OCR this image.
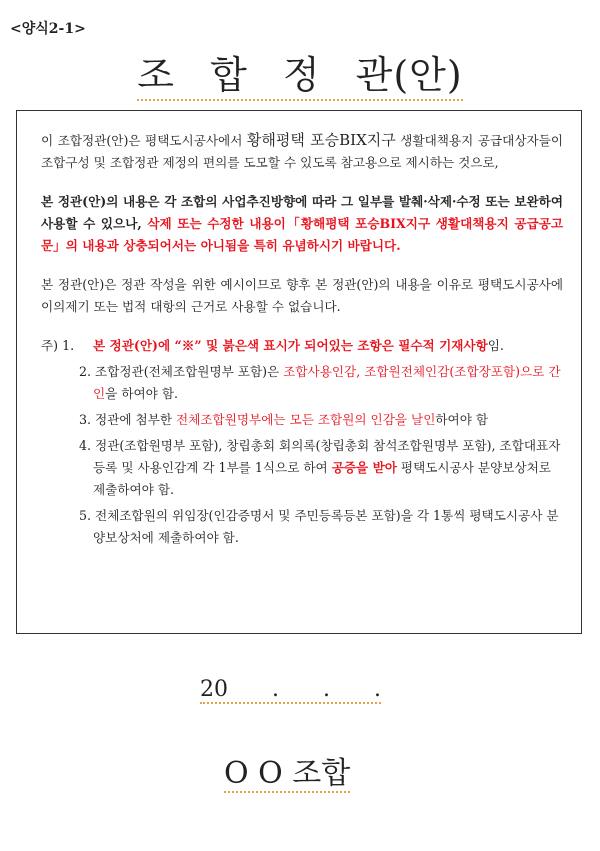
<양식2-1>
조 합 정 관(안)

이 조합정관(안)은 평택도시공사에서 황해평택 포승BIX지구 생활대책용지 공급대상자들이 조합구성 및 조합정관 제정의 편의를 도모할 수 있도록 참고용으로 제시하는 것으로,

본 정관(안)의 내용은 각 조합의 사업추진방향에 따라 그 일부를 발췌·삭제·수정 또는 보완하여 사용할 수 있으나, 삭제 또는 수정한 내용이「황해평택 포승BIX지구 생활대책용지 공급공고문」의 내용과 상충되어서는 아니됨을 특히 유념하시기 바랍니다.

본 정관(안)은 정관 작성을 위한 예시이므로 향후 본 정관(안)의 내용을 이유로 평택도시공사에 이의제기 또는 법적 대항의 근거로 사용할 수 없습니다.

주) 1. 본 정관(안)에 “※” 및 붉은색 표시가 되어있는 조항은 필수적 기재사항임.
2. 조합정관(전체조합원명부 포함)은 조합사용인감, 조합원전체인감(조합장포함)으로 간인을 하여야 함.
3. 정관에 첨부한 전체조합원명부에는 모든 조합원의 인감을 날인하여야 함
4. 정관(조합원명부 포함), 창립총회 회의록(창립총회 참석조합원명부 포함), 조합대표자등록 및 사용인감계 각 1부를 1식으로 하여 공증을 받아 평택도시공사 분양보상처로 제출하여야 함.
5. 전체조합원의 위임장(인감증명서 및 주민등록등본 포함)을 각 1통씩 평택도시공사 분양보상처에 제출하여야 함.
20　　.　　.　　.
O O 조합
